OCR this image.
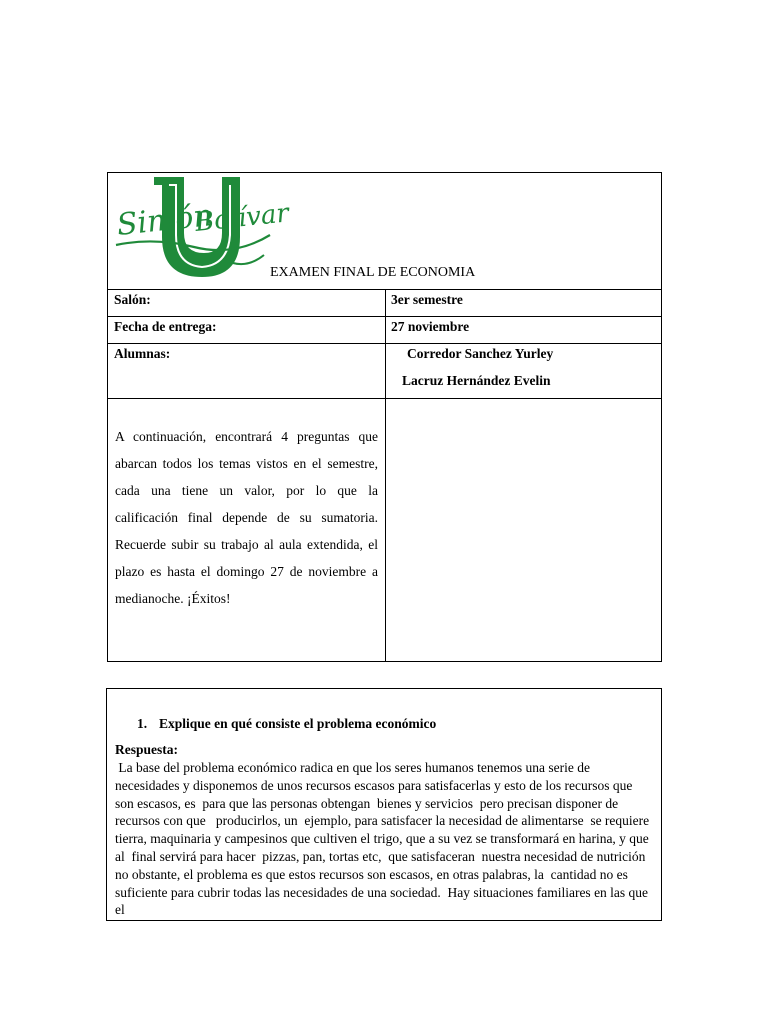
Simón
Bolívar
EXAMEN FINAL DE ECONOMIA
Salón:	3er semestre
Fecha de entrega:	27 noviembre
Alumnas:	Corredor Sanchez Yurley
Lacruz Hernández Evelin

A continuación, encontrará 4 preguntas que abarcan todos los temas vistos en el semestre, cada una tiene un valor, por lo que la calificación final depende de su sumatoria. Recuerde subir su trabajo al aula extendida, el plazo es hasta el domingo 27 de noviembre a medianoche. ¡Éxitos!

1. Explique en qué consiste el problema económico

Respuesta:

La base del problema económico radica en que los seres humanos tenemos una serie de necesidades y disponemos de unos recursos escasos para satisfacerlas y esto de los recursos que son escasos, es  para que las personas obtengan  bienes y servicios  pero precisan disponer de recursos con que   producirlos, un  ejemplo, para satisfacer la necesidad de alimentarse  se requiere tierra, maquinaria y campesinos que cultiven el trigo, que a su vez se transformará en harina, y que al  final servirá para hacer  pizzas, pan, tortas etc,  que satisfaceran  nuestra necesidad de nutrición no obstante, el problema es que estos recursos son escasos, en otras palabras, la  cantidad no es suficiente para cubrir todas las necesidades de una sociedad.  Hay situaciones familiares en las que el
